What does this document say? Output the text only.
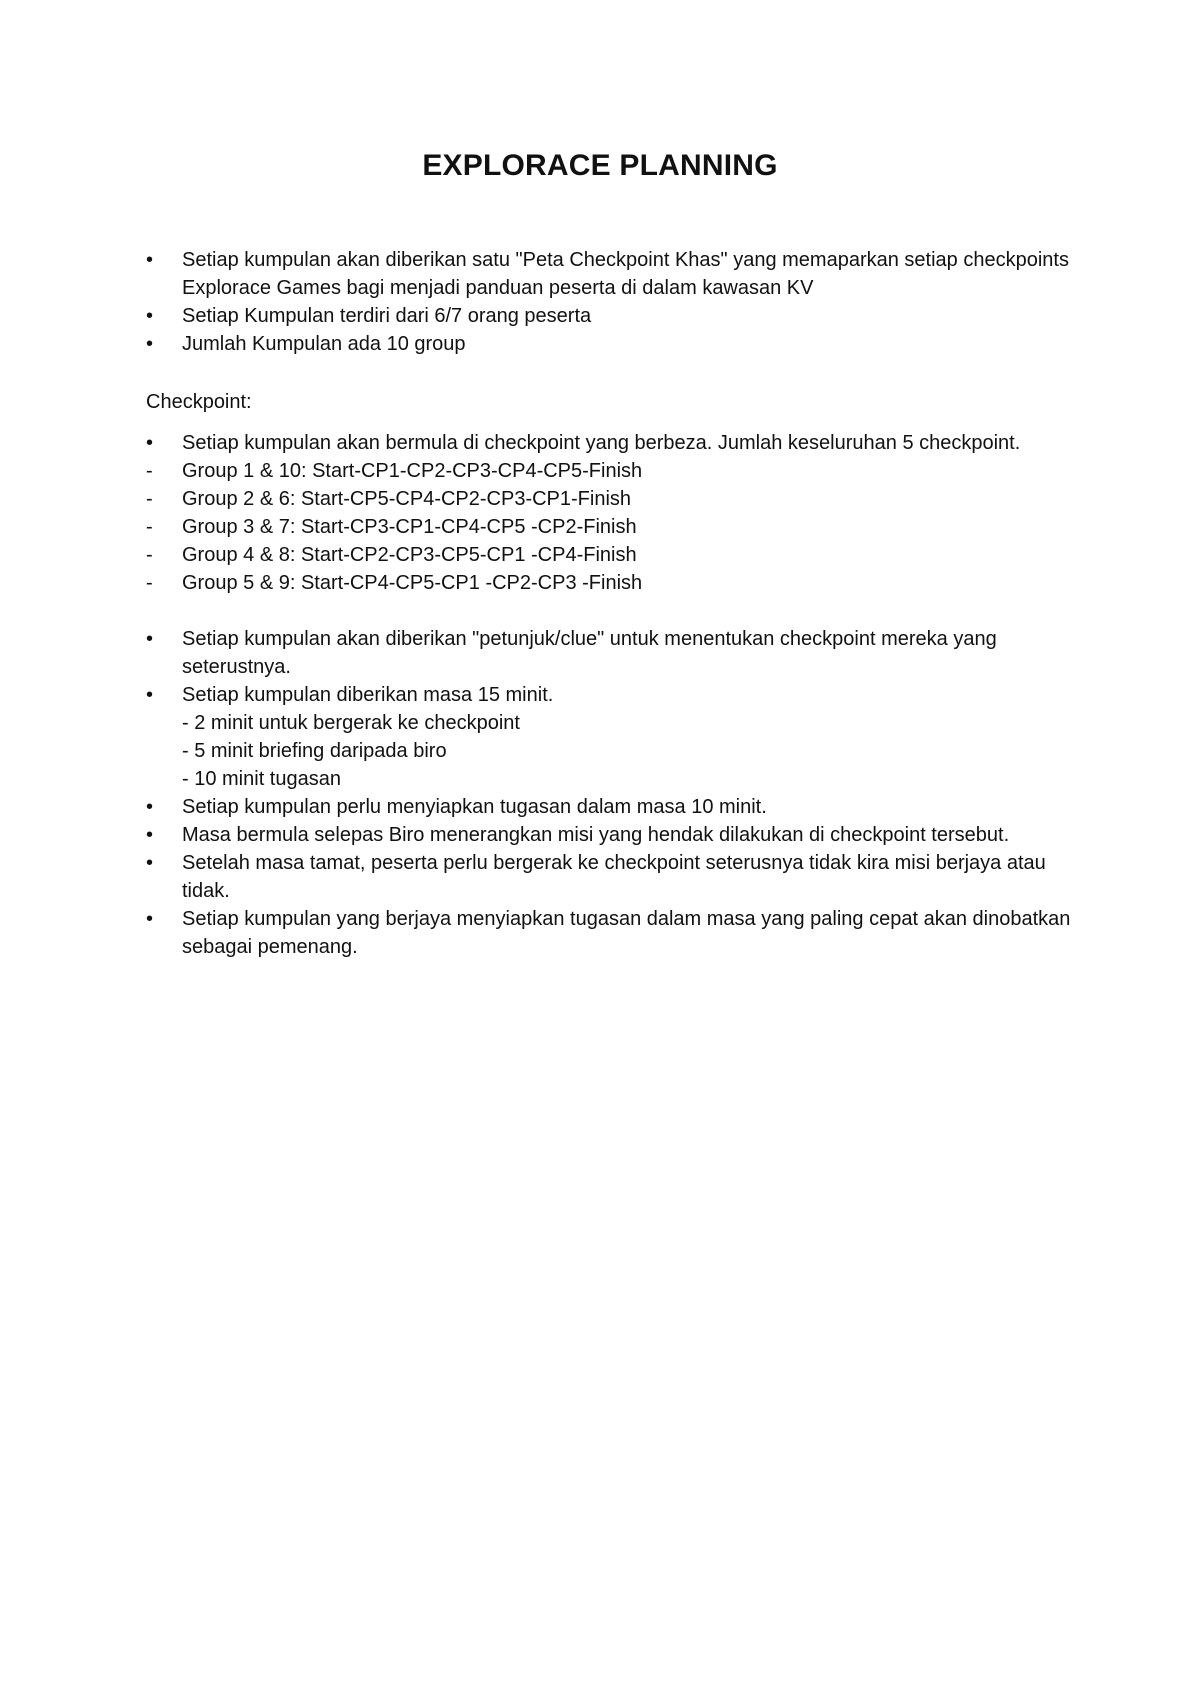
EXPLORACE PLANNING
•	Setiap kumpulan akan diberikan satu "Peta Checkpoint Khas" yang memaparkan setiap checkpoints Explorace Games bagi menjadi panduan peserta di dalam kawasan KV
•	Setiap Kumpulan terdiri dari 6/7 orang peserta
•	Jumlah Kumpulan ada 10 group
Checkpoint:
•	Setiap kumpulan akan bermula di checkpoint yang berbeza. Jumlah keseluruhan 5 checkpoint.
- Group 1 & 10: Start-CP1-CP2-CP3-CP4-CP5-Finish
- Group 2 & 6: Start-CP5-CP4-CP2-CP3-CP1-Finish
- Group 3 & 7: Start-CP3-CP1-CP4-CP5 -CP2-Finish
- Group 4 & 8: Start-CP2-CP3-CP5-CP1 -CP4-Finish
- Group 5 & 9: Start-CP4-CP5-CP1 -CP2-CP3 -Finish
•	Setiap kumpulan akan diberikan "petunjuk/clue" untuk menentukan checkpoint mereka yang seterustnya.
•	Setiap kumpulan diberikan masa 15 minit.
- 2 minit untuk bergerak ke checkpoint
- 5 minit briefing daripada biro
- 10 minit tugasan
•	Setiap kumpulan perlu menyiapkan tugasan dalam masa 10 minit.
•	Masa bermula selepas Biro menerangkan misi yang hendak dilakukan di checkpoint tersebut.
•	Setelah masa tamat, peserta perlu bergerak ke checkpoint seterusnya tidak kira misi berjaya atau tidak.
•	Setiap kumpulan yang berjaya menyiapkan tugasan dalam masa yang paling cepat akan dinobatkan sebagai pemenang.
